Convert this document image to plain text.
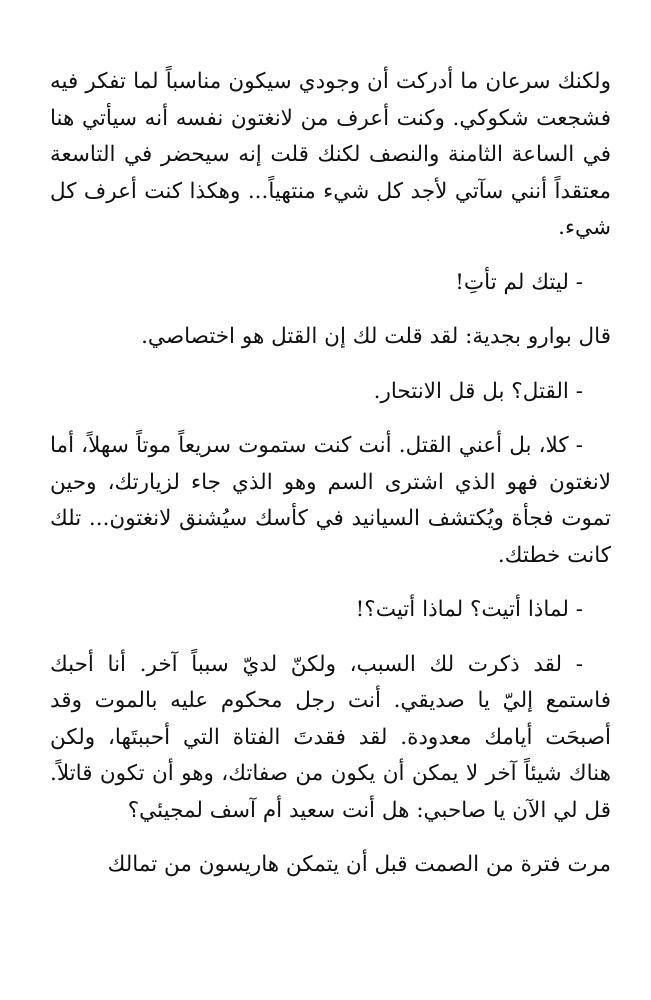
ولكنك سرعان ما أدركت أن وجودي سيكون مناسباً لما تفكر فيه فشجعت شكوكي. وكنت أعرف من لانغتون نفسه أنه سيأتي هنا في الساعة الثامنة والنصف لكنك قلت إنه سيحضر في التاسعة معتقداً أنني سآتي لأجد كل شيء منتهياً... وهكذا كنت أعرف كل شيء.

- ليتك لم تأتِ!

قال بوارو بجدية: لقد قلت لك إن القتل هو اختصاصي.

- القتل؟ بل قل الانتحار.

- كلا، بل أعني القتل. أنت كنت ستموت سريعاً موتاً سهلاً، أما لانغتون فهو الذي اشترى السم وهو الذي جاء لزيارتك، وحين تموت فجأة ويُكتشف السيانيد في كأسك سيُشنق لانغتون... تلك كانت خطتك.

- لماذا أتيت؟ لماذا أتيت؟!

- لقد ذكرت لك السبب، ولكنّ لديّ سبباً آخر. أنا أحبك فاستمع إليّ يا صديقي. أنت رجل محكوم عليه بالموت وقد أصبحَت أيامك معدودة. لقد فقدتَ الفتاة التي أحببتَها، ولكن هناك شيئاً آخر لا يمكن أن يكون من صفاتك، وهو أن تكون قاتلاً. قل لي الآن يا صاحبي: هل أنت سعيد أم آسف لمجيئي؟

مرت فترة من الصمت قبل أن يتمكن هاريسون من تمالك
